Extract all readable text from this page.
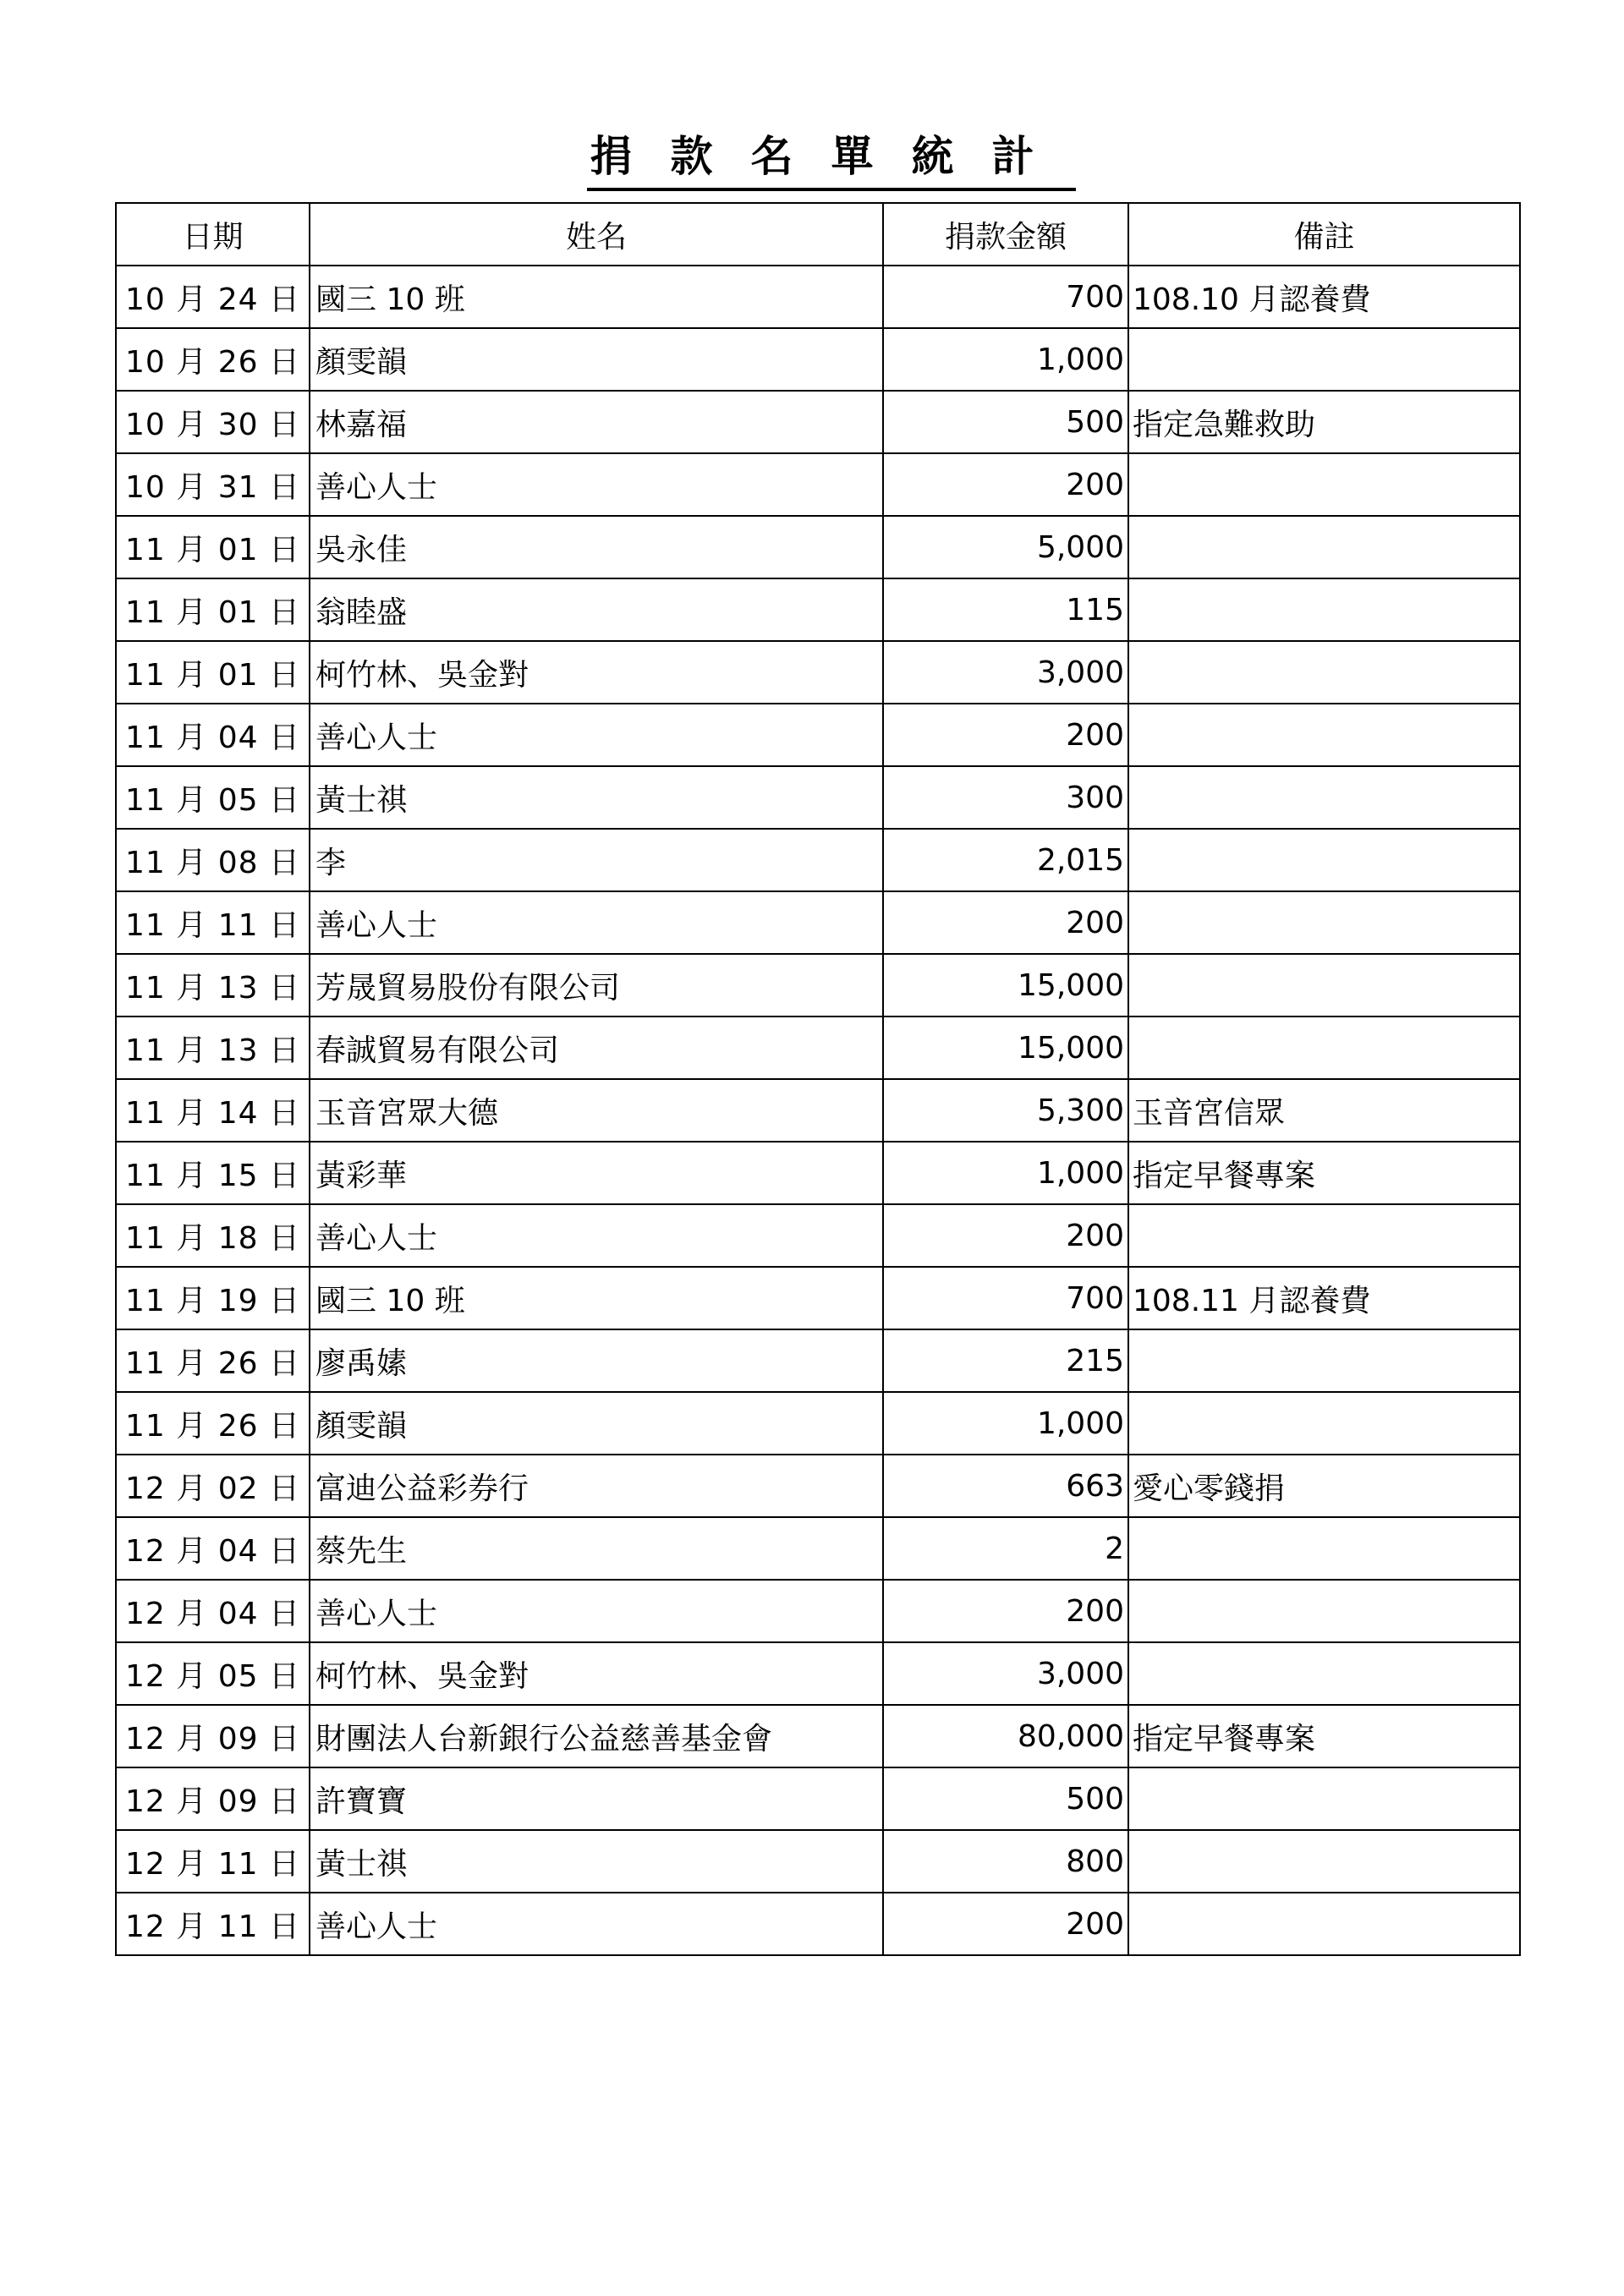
捐款名單統計
日期	姓名	捐款金額	備註
10 月 24 日	國三 10 班	700	108.10 月認養費
10 月 26 日	顏雯韻	1,000	
10 月 30 日	林嘉福	500	指定急難救助
10 月 31 日	善心人士	200	
11 月 01 日	吳永佳	5,000	
11 月 01 日	翁睦盛	115	
11 月 01 日	柯竹林、吳金對	3,000	
11 月 04 日	善心人士	200	
11 月 05 日	黃士祺	300	
11 月 08 日	李	2,015	
11 月 11 日	善心人士	200	
11 月 13 日	芳晟貿易股份有限公司	15,000	
11 月 13 日	春誠貿易有限公司	15,000	
11 月 14 日	玉音宮眾大德	5,300	玉音宮信眾
11 月 15 日	黃彩華	1,000	指定早餐專案
11 月 18 日	善心人士	200	
11 月 19 日	國三 10 班	700	108.11 月認養費
11 月 26 日	廖禹嫊	215	
11 月 26 日	顏雯韻	1,000	
12 月 02 日	富迪公益彩券行	663	愛心零錢捐
12 月 04 日	蔡先生	2	
12 月 04 日	善心人士	200	
12 月 05 日	柯竹林、吳金對	3,000	
12 月 09 日	財團法人台新銀行公益慈善基金會	80,000	指定早餐專案
12 月 09 日	許寶寶	500	
12 月 11 日	黃士祺	800	
12 月 11 日	善心人士	200	
